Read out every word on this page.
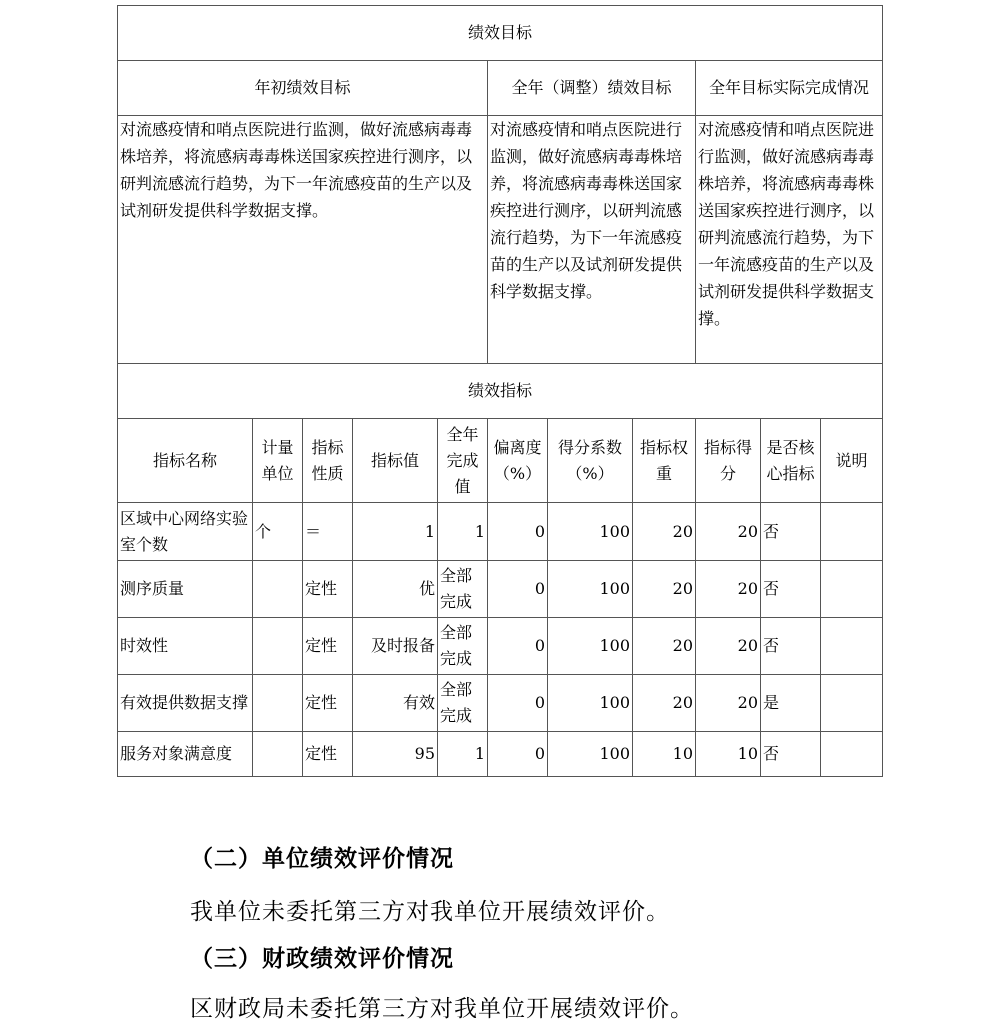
绩效目标										
年初绩效目标					全年（调整）绩效目标			全年目标实际完成情况		
对流感疫情和哨点医院进行监测，做好流感病毒毒株培养，将流感病毒毒株送国家疾控进行测序，以研判流感流行趋势，为下一年流感疫苗的生产以及试剂研发提供科学数据支撑。					对流感疫情和哨点医院进行监测，做好流感病毒毒株培养，将流感病毒毒株送国家疾控进行测序，以研判流感流行趋势，为下一年流感疫苗的生产以及试剂研发提供科学数据支撑。			对流感疫情和哨点医院进行监测，做好流感病毒毒株培养，将流感病毒毒株送国家疾控进行测序，以研判流感流行趋势，为下一年流感疫苗的生产以及试剂研发提供科学数据支撑。		
绩效指标										
指标名称	计量单位	指标性质	指标值	全年完成值	偏离度（%）	得分系数（%）	指标权重	指标得分	是否核心指标	说明
区域中心网络实验室个数	个	＝	1	1	0	100	20	20	否	
测序质量		定性	优	全部完成	0	100	20	20	否	
时效性		定性	及时报备	全部完成	0	100	20	20	否	
有效提供数据支撑		定性	有效	全部完成	0	100	20	20	是	
服务对象满意度		定性	95	1	0	100	10	10	否	
（二）单位绩效评价情况
我单位未委托第三方对我单位开展绩效评价。
（三）财政绩效评价情况
区财政局未委托第三方对我单位开展绩效评价。
